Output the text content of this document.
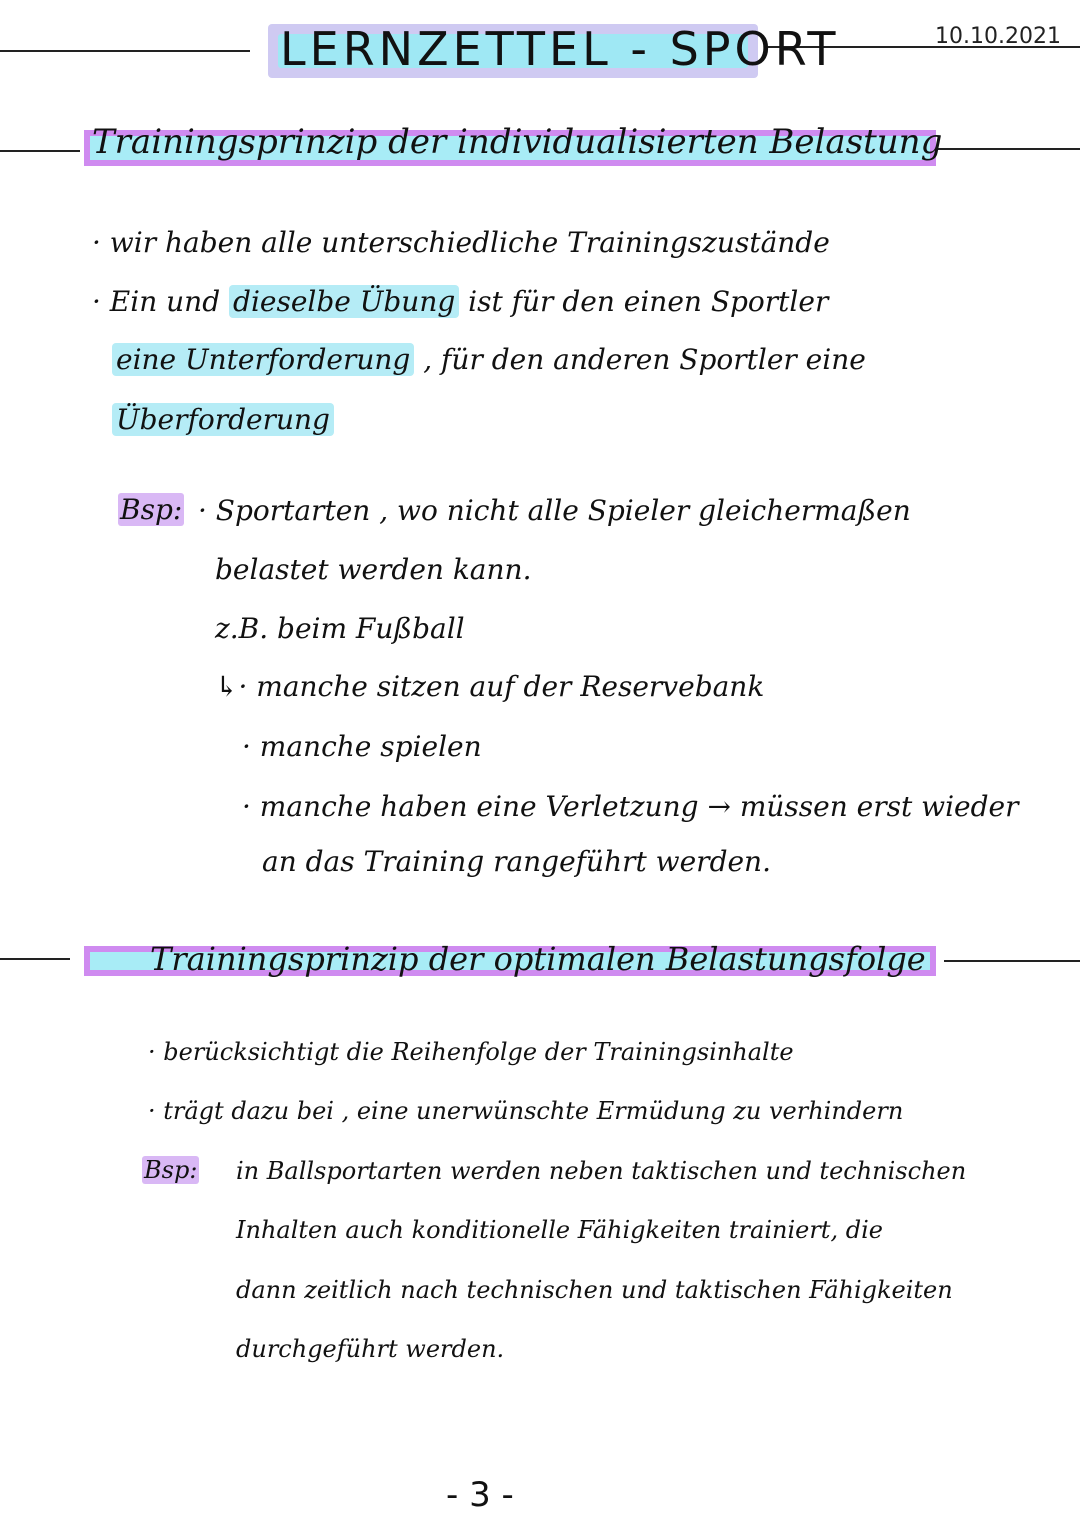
LERNZETTEL - SPORT	10.10.2021
Trainingsprinzip der individualisierten Belastung
· wir haben alle unterschiedliche Trainingszustände
· Ein und dieselbe Übung ist für den einen Sportler
eine Unterforderung , für den anderen Sportler eine
Überforderung
Bsp: · Sportarten , wo nicht alle Spieler gleichermaßen
belastet werden kann.
z.B. beim Fußball
↳· manche sitzen auf der Reservebank
· manche spielen
· manche haben eine Verletzung → müssen erst wieder
an das Training rangeführt werden.
Trainingsprinzip der optimalen Belastungsfolge
· berücksichtigt die Reihenfolge der Trainingsinhalte
· trägt dazu bei , eine unerwünschte Ermüdung zu verhindern
Bsp: in Ballsportarten werden neben taktischen und technischen
Inhalten auch konditionelle Fähigkeiten trainiert, die
dann zeitlich nach technischen und taktischen Fähigkeiten
durchgeführt werden.
- 3 -
